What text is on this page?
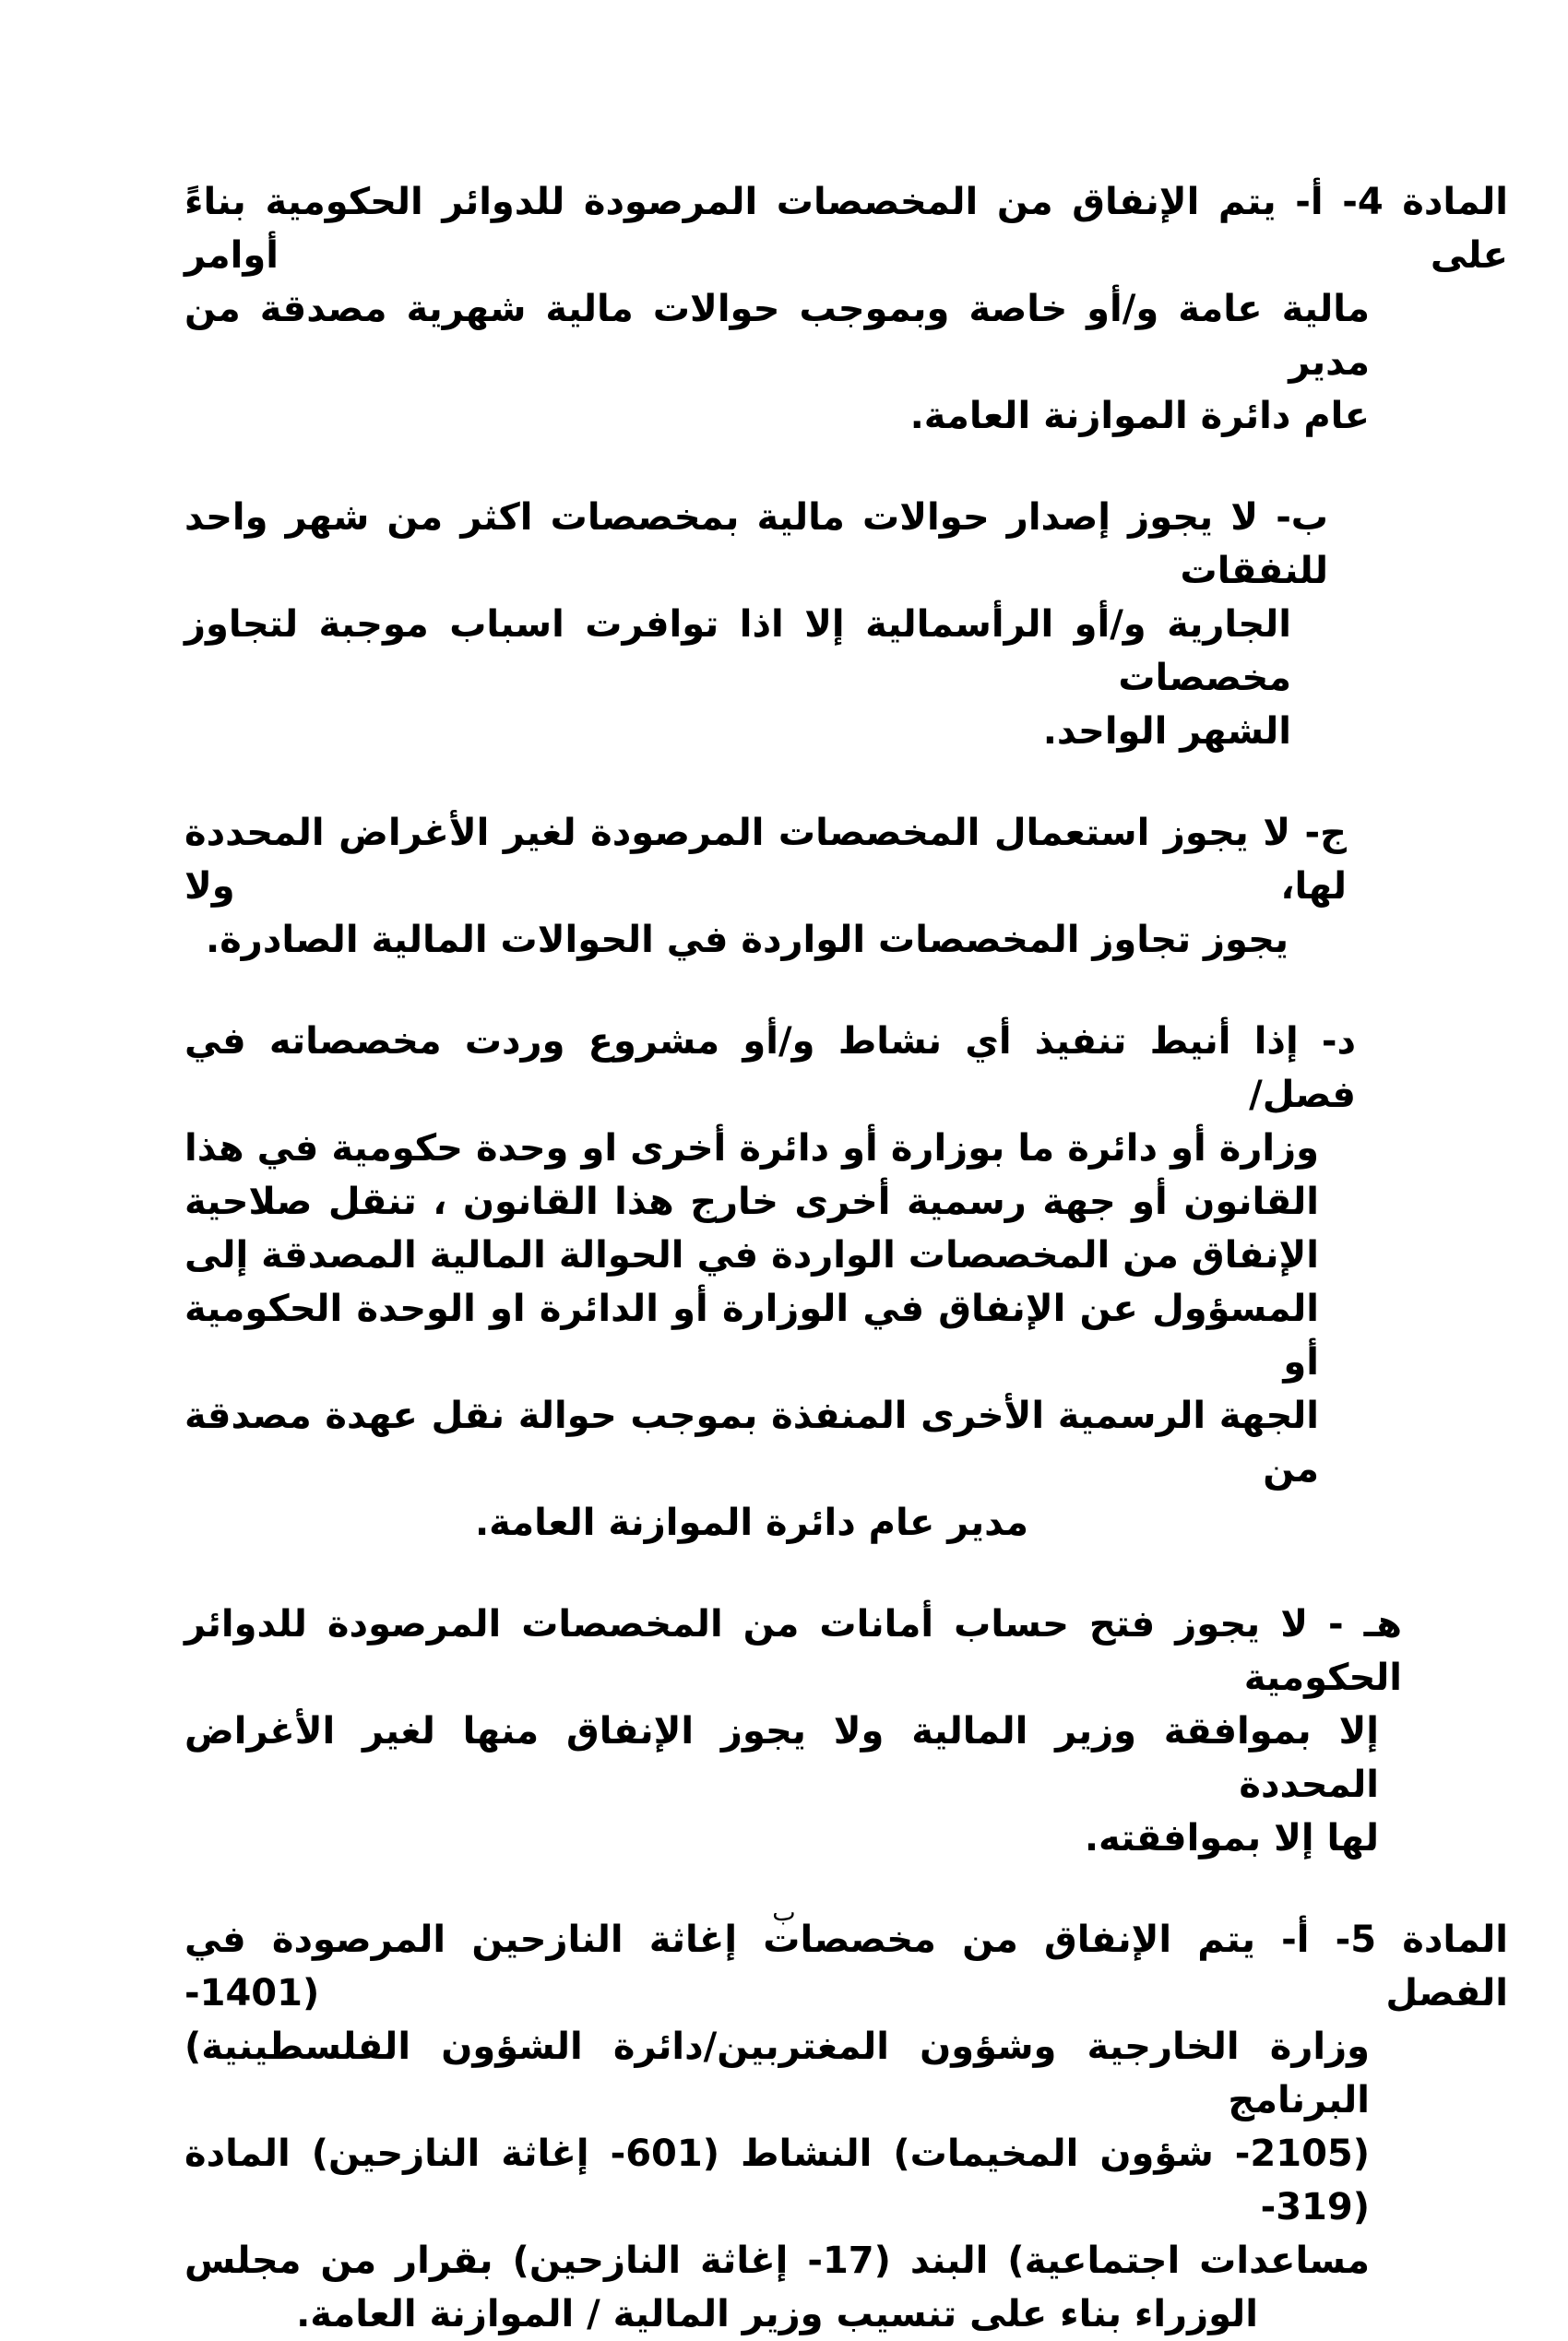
المادة 4- أ- يتم الإنفاق من المخصصات المرصودة للدوائر الحكومية بناءً على أوامر
مالية عامة و/أو خاصة وبموجب حوالات مالية شهرية مصدقة من مدير
عام دائرة الموازنة العامة.
ب- لا يجوز إصدار حوالات مالية بمخصصات اكثر من شهر واحد للنفقات
الجارية و/أو الرأسمالية إلا اذا توافرت اسباب موجبة لتجاوز مخصصات
الشهر الواحد.
ج- لا يجوز استعمال المخصصات المرصودة لغير الأغراض المحددة لها، ولا
يجوز تجاوز المخصصات الواردة في الحوالات المالية الصادرة.
د- إذا أنيط تنفيذ أي نشاط و/أو مشروع وردت مخصصاته في فصل/
وزارة أو دائرة ما بوزارة أو دائرة أخرى او وحدة حكومية في هذا
القانون أو جهة رسمية أخرى خارج هذا القانون ، تنقل صلاحية
الإنفاق من المخصصات الواردة في الحوالة المالية المصدقة إلى
المسؤول عن الإنفاق في الوزارة أو الدائرة او الوحدة الحكومية أو
الجهة الرسمية الأخرى المنفذة بموجب حوالة نقل عهدة مصدقة من
مدير عام دائرة الموازنة العامة.
هـ - لا يجوز فتح حساب أمانات من المخصصات المرصودة للدوائر الحكومية
إلا بموافقة وزير المالية ولا يجوز الإنفاق منها لغير الأغراض المحددة
لها إلا بموافقته.
المادة 5- أ- يتم الإنفاق من مخصصات إغاثة النازحين المرصودة في الفصل (1401-
وزارة الخارجية وشؤون المغتربين/دائرة الشؤون الفلسطينية) البرنامج
(2105- شؤون المخيمات) النشاط (601- إغاثة النازحين) المادة (319-
مساعدات اجتماعية) البند (17- إغاثة النازحين) بقرار من مجلس
الوزراء بناء على تنسيب وزير المالية / الموازنة العامة.
ب
